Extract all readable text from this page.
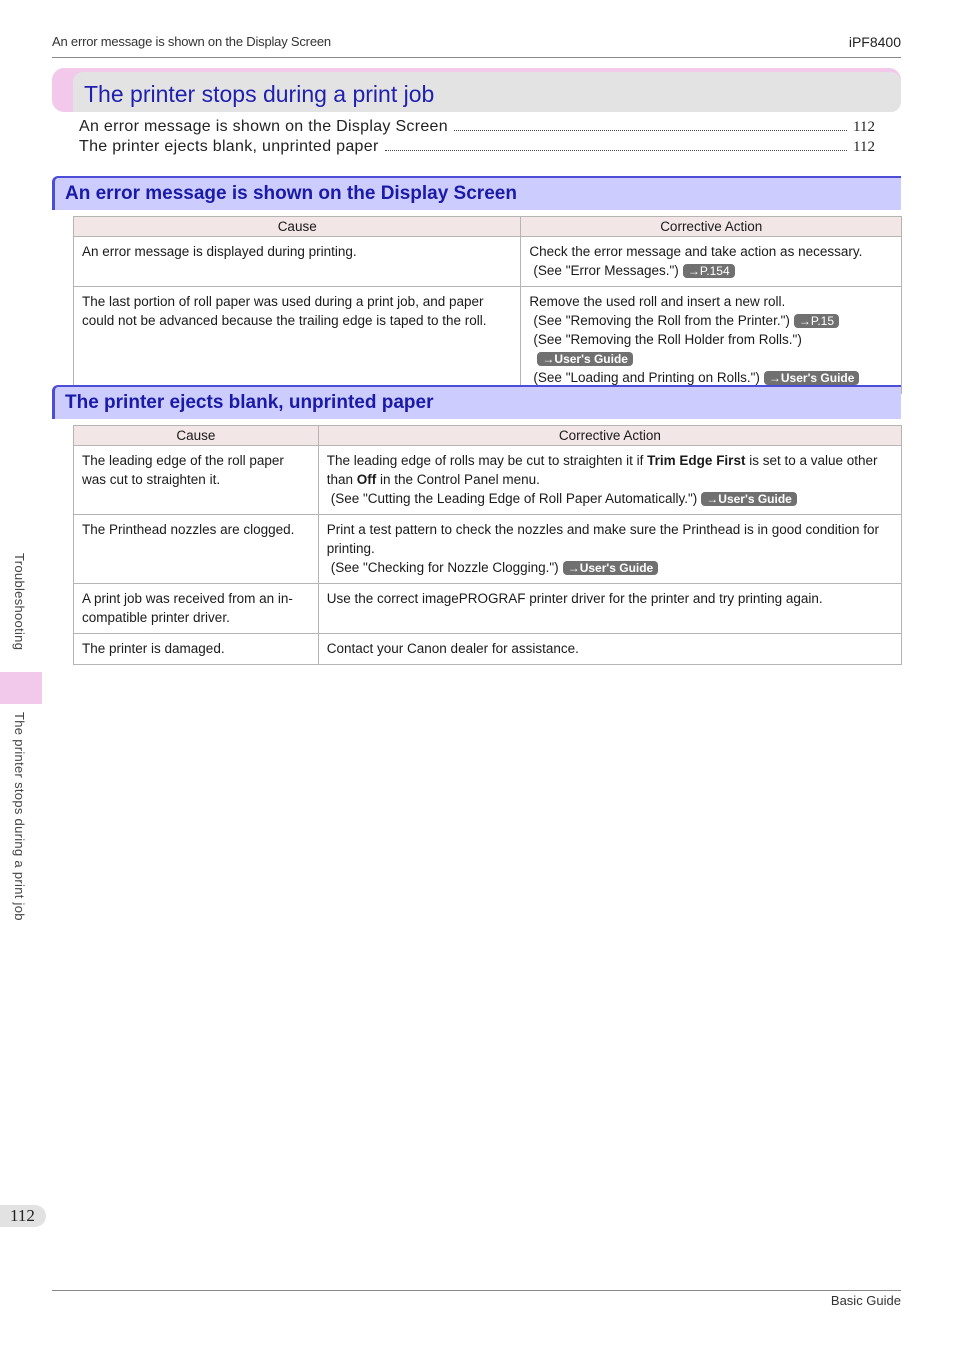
An error message is shown on the Display Screen	iPF8400
The printer stops during a print job
An error message is shown on the Display Screen	112
The printer ejects blank, unprinted paper	112
An error message is shown on the Display Screen
Cause	Corrective Action
An error message is displayed during printing.	Check the error message and take action as necessary.
(See "Error Messages.") →P.154

The last portion of roll paper was used during a print job, and paper could not be advanced because the trailing edge is taped to the roll.	Remove the used roll and insert a new roll.
(See "Removing the Roll from the Printer.") →P.15
(See "Removing the Roll Holder from Rolls.")→User's Guide
(See "Loading and Printing on Rolls.") →User's Guide
The printer ejects blank, unprinted paper
Cause	Corrective Action
The leading edge of the roll paper was cut to straighten it.	The leading edge of rolls may be cut to straighten it if Trim Edge First is set to a value other than Off in the Control Panel menu.
(See "Cutting the Leading Edge of Roll Paper Automatically.") →User's Guide

The Printhead nozzles are clogged.	Print a test pattern to check the nozzles and make sure the Printhead is in good condition for printing.
(See "Checking for Nozzle Clogging.") →User's Guide

A print job was received from an in-compatible printer driver.	Use the correct imagePROGRAF printer driver for the printer and try printing again.
The printer is damaged.	Contact your Canon dealer for assistance.
Troubleshooting
The printer stops during a print job
112
Basic Guide
